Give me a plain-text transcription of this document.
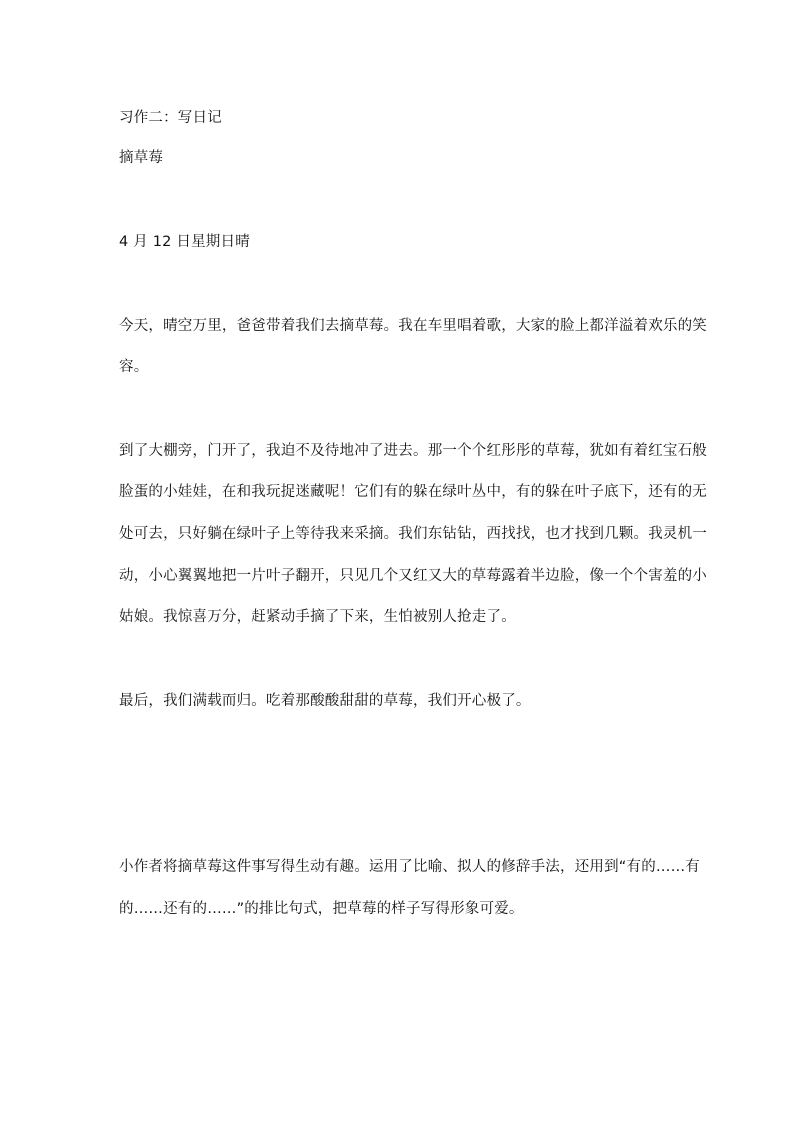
习作二：写日记
摘草莓
4 月 12 日星期日晴
今天，晴空万里，爸爸带着我们去摘草莓。我在车里唱着歌，大家的脸上都洋溢着欢乐的笑
容。
到了大棚旁，门开了，我迫不及待地冲了进去。那一个个红彤彤的草莓，犹如有着红宝石般
脸蛋的小娃娃，在和我玩捉迷藏呢！它们有的躲在绿叶丛中，有的躲在叶子底下，还有的无
处可去，只好躺在绿叶子上等待我来采摘。我们东钻钻，西找找，也才找到几颗。我灵机一
动，小心翼翼地把一片叶子翻开，只见几个又红又大的草莓露着半边脸，像一个个害羞的小
姑娘。我惊喜万分，赶紧动手摘了下来，生怕被别人抢走了。
最后，我们满载而归。吃着那酸酸甜甜的草莓，我们开心极了。
小作者将摘草莓这件事写得生动有趣。运用了比喻、拟人的修辞手法，还用到“有的……有
的……还有的……”的排比句式，把草莓的样子写得形象可爱。
